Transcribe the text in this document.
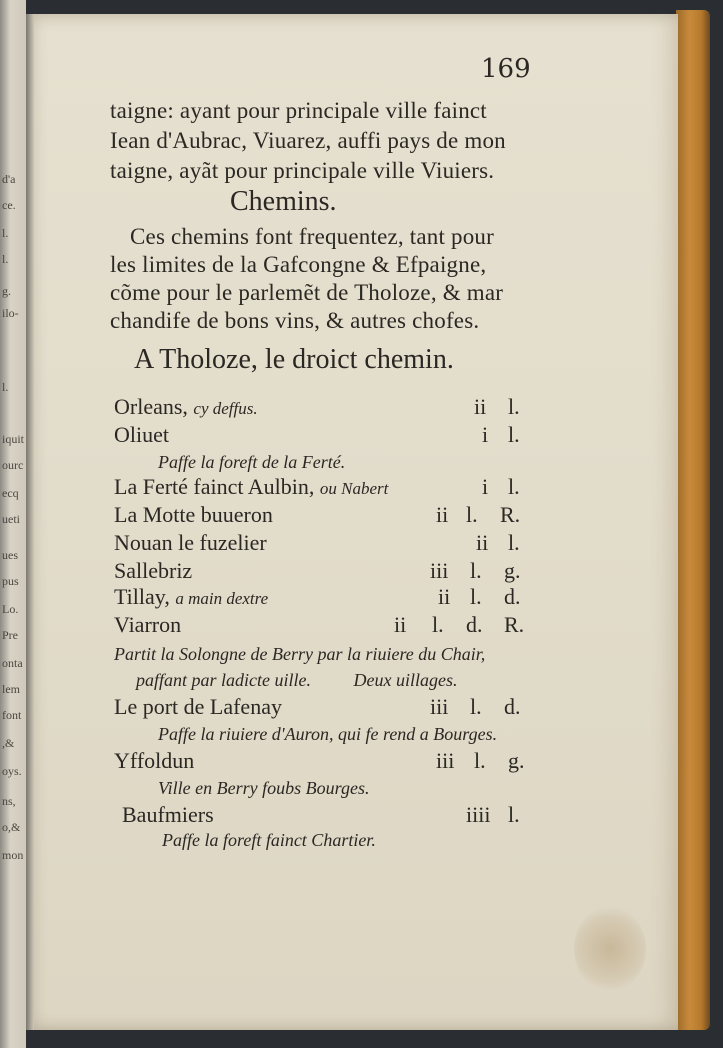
d'a
ce.
l.
l.
g.
ilo-
l.
iquit
ourc
ecq
ueti
ues
pus
Lo.
Pre
onta
lem
font
,&
oys.
ns,
o,&
mon
169
taigne: ayant pour principale ville fainct
Iean d'Aubrac, Viuarez, auffi pays de mon
taigne, ayãt pour principale ville Viuiers.
Chemins.
Ces chemins font frequentez, tant pour
les limites de la Gafcongne & Efpaigne,
cõme pour le parlemẽt de Tholoze, & mar
chandife de bons vins, & autres chofes.
A Tholoze, le droict chemin.
Orleans, cy deffus.	ii l.
Oliuet	i l.
Paffe la foreft de la Ferté.
La Ferté fainct Aulbin, ou Nabert	i l.
La Motte buueron	ii l. R.
Nouan le fuzelier	ii l.
Sallebriz	iii l. g.
Tillay, a main dextre	ii l. d.
Viarron	ii l. d. R.
Partit la Solongne de Berry par la riuiere du Chair,
paffant par ladicte uille. Deux uillages.
Le port de Lafenay	iii l. d.
Paffe la riuiere d'Auron, qui fe rend a Bourges.
Yffoldun	iii l. g.
Ville en Berry foubs Bourges.
Baufmiers	iiii l.
Paffe la foreft fainct Chartier.
